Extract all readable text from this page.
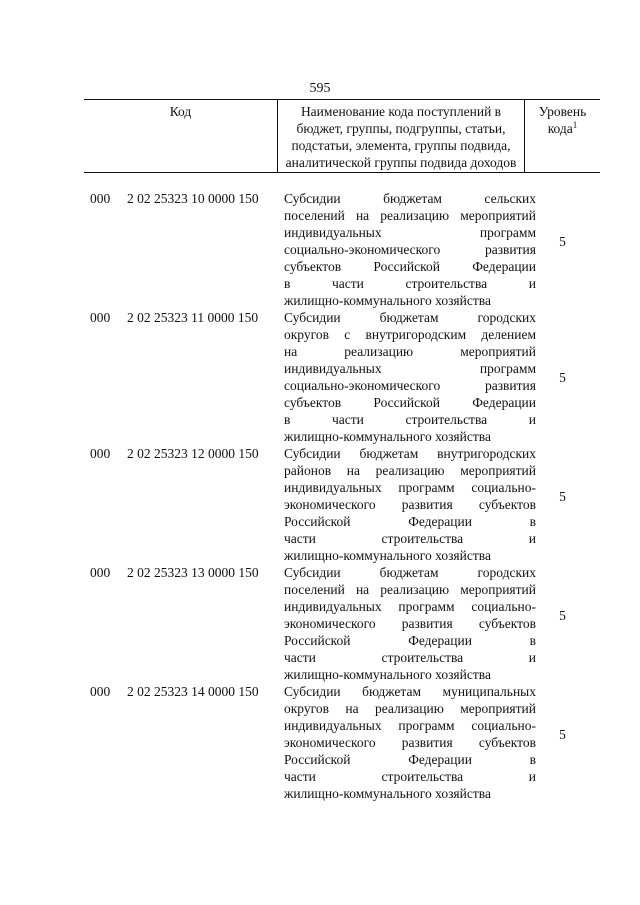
595
Код	Наименование кода поступлений в
бюджет, группы, подгруппы, статьи,
подстатьи, элемента, группы подвида,
аналитической группы подвида доходов
Уровень
кода$^1$
000 2 02 25323 10 0000 150 Субсидии бюджетам сельских
поселений на реализацию мероприятий
индивидуальных программ
социально-экономического развития
субъектов Российской Федерации
в части строительства и
жилищно-коммунального хозяйства
5
000 2 02 25323 11 0000 150 Субсидии бюджетам городских
округов с внутригородским делением
на реализацию мероприятий
индивидуальных программ
социально-экономического развития
субъектов Российской Федерации
в части строительства и
жилищно-коммунального хозяйства
5
000 2 02 25323 12 0000 150 Субсидии бюджетам внутригородских
районов на реализацию мероприятий
индивидуальных программ социально-
экономического развития субъектов
Российской Федерации в
части строительства и
жилищно-коммунального хозяйства
5
000 2 02 25323 13 0000 150 Субсидии бюджетам городских
поселений на реализацию мероприятий
индивидуальных программ социально-
экономического развития субъектов
Российской Федерации в
части строительства и
жилищно-коммунального хозяйства
5
000 2 02 25323 14 0000 150 Субсидии бюджетам муниципальных
округов на реализацию мероприятий
индивидуальных программ социально-
экономического развития субъектов
Российской Федерации в
части строительства и
жилищно-коммунального хозяйства
5
